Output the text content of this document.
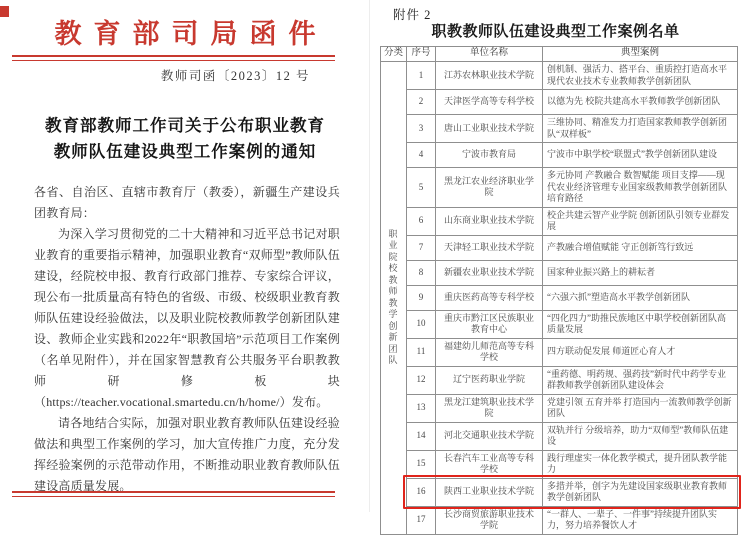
教育部司局函件
教师司函〔2023〕12 号
教育部教师工作司关于公布职业教育
教师队伍建设典型工作案例的通知

各省、自治区、直辖市教育厅（教委），新疆生产建设兵团教育局：

为深入学习贯彻党的二十大精神和习近平总书记对职业教育的重要指示精神，加强职业教育“双师型”教师队伍建设，经院校申报、教育行政部门推荐、专家综合评议，现公布一批质量高有特色的省级、市级、校级职业教育教师队伍建设经验做法，以及职业院校教师教学创新团队建设、教师企业实践和2022年“职教国培”示范项目工作案例（名单见附件），并在国家智慧教育公共服务平台职教教师研修板块（https://teacher.vocational.smartedu.cn/h/home/）发布。

请各地结合实际，加强对职业教育教师队伍建设经验做法和典型工作案例的学习，加大宣传推广力度，充分发挥经验案例的示范带动作用，不断推动职业教育教师队伍建设高质量发展。

附件 2
职教教师队伍建设典型工作案例名单
分类	序号	单位名称	典型案例
职业院校教师教学创新团队	1	江苏农林职业技术学院	创机制、强活力、搭平台、重质控打造高水平现代农业技术专业教师教学创新团队
	2	天津医学高等专科学校	以德为先 校院共建高水平教师教学创新团队
	3	唐山工业职业技术学院	三维协同、精准发力打造国家教师教学创新团队“双样板”
	4	宁波市教育局	宁波市中职学校“联盟式”教学创新团队建设
	5	黑龙江农业经济职业学院	多元协同 产教融合 数智赋能 项目支撑——现代农业经济管理专业国家级教师教学创新团队培育路径
	6	山东商业职业技术学院	校企共建云智产业学院 创新团队引领专业群发展
	7	天津轻工职业技术学院	产教融合增值赋能 守正创新笃行致远
	8	新疆农业职业技术学院	国家种业振兴路上的耕耘者
	9	重庆医药高等专科学校	“六强六抓”塑造高水平教学创新团队
	10	重庆市黔江区民族职业教育中心	“四化四力”助推民族地区中职学校创新团队高质量发展
	11	福建幼儿师范高等专科学校	四方联动促发展 师道匠心育人才
	12	辽宁医药职业学院	“重药德、明药规、强药技”新时代中药学专业群教师教学创新团队建设体会
	13	黑龙江建筑职业技术学院	党建引领 五育并举 打造国内一流教师教学创新团队
	14	河北交通职业技术学院	双轨并行 分级培养，助力“双师型”教师队伍建设
	15	长春汽车工业高等专科学校	践行理虚实一体化教学模式，提升团队教学能力
	16	陕西工业职业技术学院	多措并举，创字为先建设国家级职业教育教师教学创新团队
	17	长沙商贸旅游职业技术学院	“一群人、一辈子、一件事”持续提升团队实力，努力培养餐饮人才
